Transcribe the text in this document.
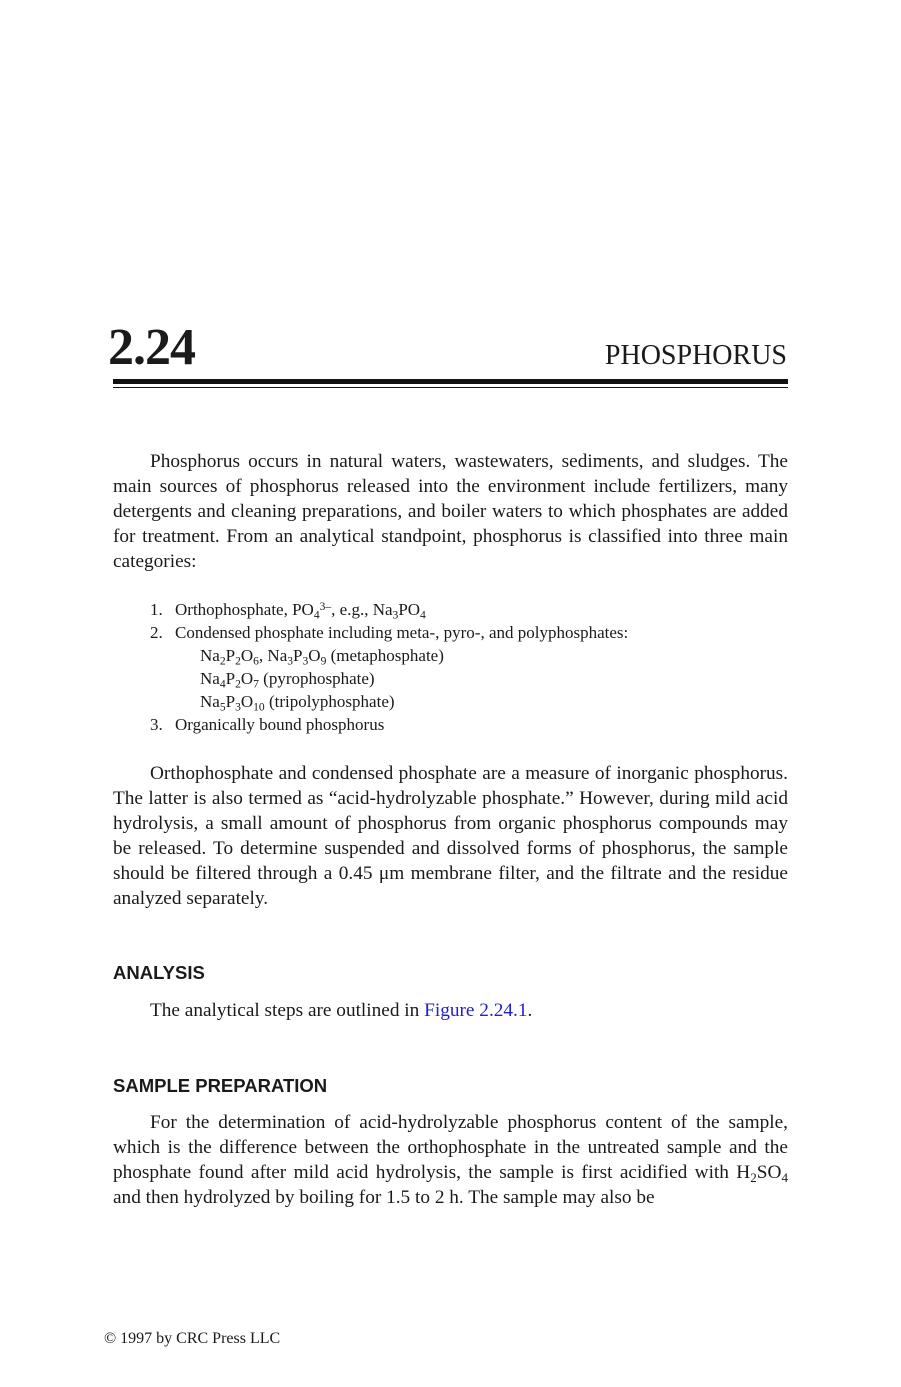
2.24	PHOSPHORUS

Phosphorus occurs in natural waters, wastewaters, sediments, and sludges. The main sources of phosphorus released into the environment include fertilizers, many detergents and cleaning preparations, and boiler waters to which phosphates are added for treatment. From an analytical standpoint, phosphorus is classified into three main categories:

1. Orthophosphate, $PO_4^{3-}$, e.g., $Na_3PO_4$
2. Condensed phosphate including meta-, pyro-, and polyphosphates:
$Na_2P_2O_6$, $Na_3P_3O_9$ (metaphosphate)
$Na_4P_2O_7$ (pyrophosphate)
$Na_5P_3O_{10}$ (tripolyphosphate)
3. Organically bound phosphorus

Orthophosphate and condensed phosphate are a measure of inorganic phosphorus. The latter is also termed as “acid-hydrolyzable phosphate.” However, during mild acid hydrolysis, a small amount of phosphorus from organic phosphorus compounds may be released. To determine suspended and dissolved forms of phosphorus, the sample should be filtered through a 0.45 μm membrane filter, and the filtrate and the residue analyzed separately.

ANALYSIS

The analytical steps are outlined in Figure 2.24.1.

SAMPLE PREPARATION

For the determination of acid-hydrolyzable phosphorus content of the sample, which is the difference between the orthophosphate in the untreated sample and the phosphate found after mild acid hydrolysis, the sample is first acidified with $H_2SO_4$ and then hydrolyzed by boiling for 1.5 to 2 h. The sample may also be

© 1997 by CRC Press LLC
